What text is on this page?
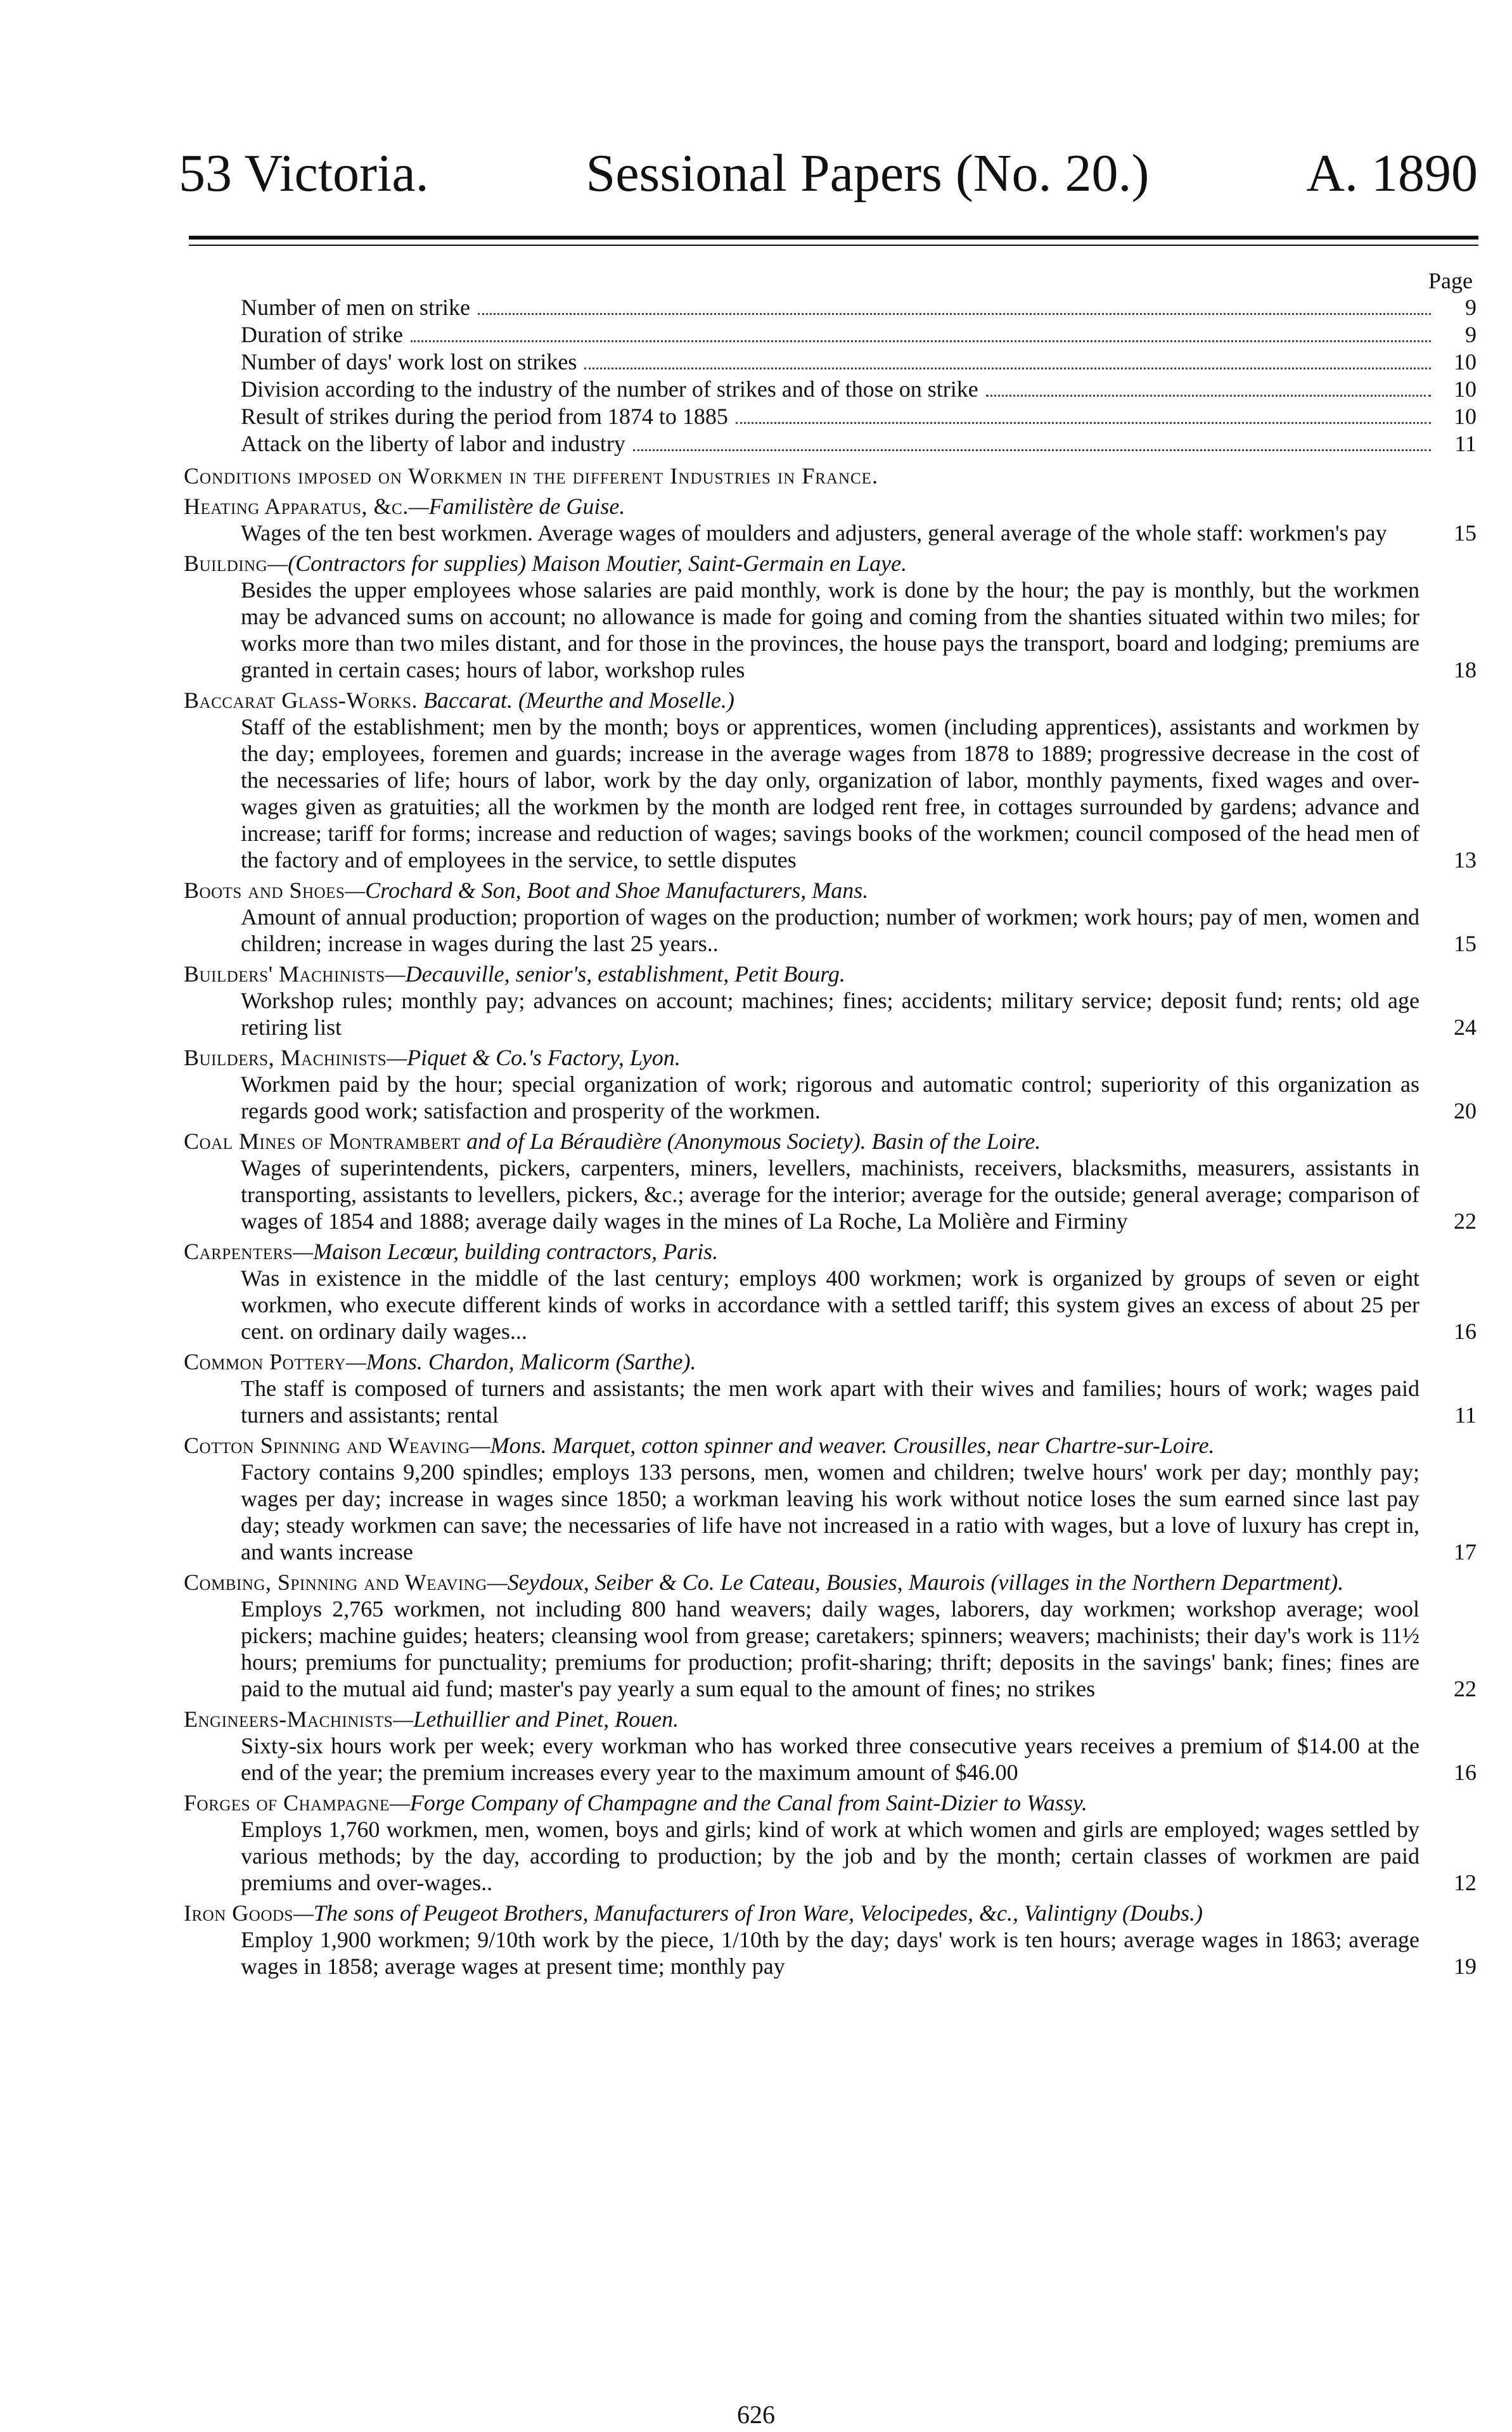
53 Victoria.	Sessional Papers (No. 20.)	A. 1890
Page
Number of men on strike	9
Duration of strike	9
Number of days' work lost on strikes	10
Division according to the industry of the number of strikes and of those on strike	10
Result of strikes during the period from 1874 to 1885	10
Attack on the liberty of labor and industry	11
Conditions imposed on Workmen in the different Industries in France.
Heating Apparatus, &c.—Familistère de Guise.
Wages of the ten best workmen. Average wages of moulders and adjusters, general average of the whole staff: workmen's pay	15
Building—(Contractors for supplies) Maison Moutier, Saint-Germain en Laye.
Besides the upper employees whose salaries are paid monthly, work is done by the hour; the pay is monthly, but the workmen may be advanced sums on account; no allowance is made for going and coming from the shanties situated within two miles; for works more than two miles distant, and for those in the provinces, the house pays the transport, board and lodging; premiums are granted in certain cases; hours of labor, workshop rules	18
Baccarat Glass-Works. Baccarat. (Meurthe and Moselle.)
Staff of the establishment; men by the month; boys or apprentices, women (including apprentices), assistants and workmen by the day; employees, foremen and guards; increase in the average wages from 1878 to 1889; progressive decrease in the cost of the necessaries of life; hours of labor, work by the day only, organization of labor, monthly payments, fixed wages and over-wages given as gratuities; all the workmen by the month are lodged rent free, in cottages surrounded by gardens; advance and increase; tariff for forms; increase and reduction of wages; savings books of the workmen; council composed of the head men of the factory and of employees in the service, to settle disputes	13
Boots and Shoes—Crochard & Son, Boot and Shoe Manufacturers, Mans.
Amount of annual production; proportion of wages on the production; number of workmen; work hours; pay of men, women and children; increase in wages during the last 25 years..	15
Builders' Machinists—Decauville, senior's, establishment, Petit Bourg.
Workshop rules; monthly pay; advances on account; machines; fines; accidents; military service; deposit fund; rents; old age retiring list	24
Builders, Machinists—Piquet & Co.'s Factory, Lyon.
Workmen paid by the hour; special organization of work; rigorous and automatic control; superiority of this organization as regards good work; satisfaction and prosperity of the workmen.	20
Coal Mines of Montrambert and of La Béraudière (Anonymous Society). Basin of the Loire.
Wages of superintendents, pickers, carpenters, miners, levellers, machinists, receivers, blacksmiths, measurers, assistants in transporting, assistants to levellers, pickers, &c.; average for the interior; average for the outside; general average; comparison of wages of 1854 and 1888; average daily wages in the mines of La Roche, La Molière and Firminy	22
Carpenters—Maison Lecœur, building contractors, Paris.
Was in existence in the middle of the last century; employs 400 workmen; work is organized by groups of seven or eight workmen, who execute different kinds of works in accordance with a settled tariff; this system gives an excess of about 25 per cent. on ordinary daily wages...	16
Common Pottery—Mons. Chardon, Malicorm (Sarthe).
The staff is composed of turners and assistants; the men work apart with their wives and families; hours of work; wages paid turners and assistants; rental	11
Cotton Spinning and Weaving—Mons. Marquet, cotton spinner and weaver. Crousilles, near Chartre-sur-Loire.
Factory contains 9,200 spindles; employs 133 persons, men, women and children; twelve hours' work per day; monthly pay; wages per day; increase in wages since 1850; a workman leaving his work without notice loses the sum earned since last pay day; steady workmen can save; the necessaries of life have not increased in a ratio with wages, but a love of luxury has crept in, and wants increase	17
Combing, Spinning and Weaving—Seydoux, Seiber & Co. Le Cateau, Bousies, Maurois (villages in the Northern Department).
Employs 2,765 workmen, not including 800 hand weavers; daily wages, laborers, day workmen; workshop average; wool pickers; machine guides; heaters; cleansing wool from grease; caretakers; spinners; weavers; machinists; their day's work is 11½ hours; premiums for punctuality; premiums for production; profit-sharing; thrift; deposits in the savings' bank; fines; fines are paid to the mutual aid fund; master's pay yearly a sum equal to the amount of fines; no strikes	22
Engineers-Machinists—Lethuillier and Pinet, Rouen.
Sixty-six hours work per week; every workman who has worked three consecutive years receives a premium of $14.00 at the end of the year; the premium increases every year to the maximum amount of $46.00	16
Forges of Champagne—Forge Company of Champagne and the Canal from Saint-Dizier to Wassy.
Employs 1,760 workmen, men, women, boys and girls; kind of work at which women and girls are employed; wages settled by various methods; by the day, according to production; by the job and by the month; certain classes of workmen are paid premiums and over-wages..	12
Iron Goods—The sons of Peugeot Brothers, Manufacturers of Iron Ware, Velocipedes, &c., Valintigny (Doubs.)
Employ 1,900 workmen; 9/10th work by the piece, 1/10th by the day; days' work is ten hours; average wages in 1863; average wages in 1858; average wages at present time; monthly pay	19
626
